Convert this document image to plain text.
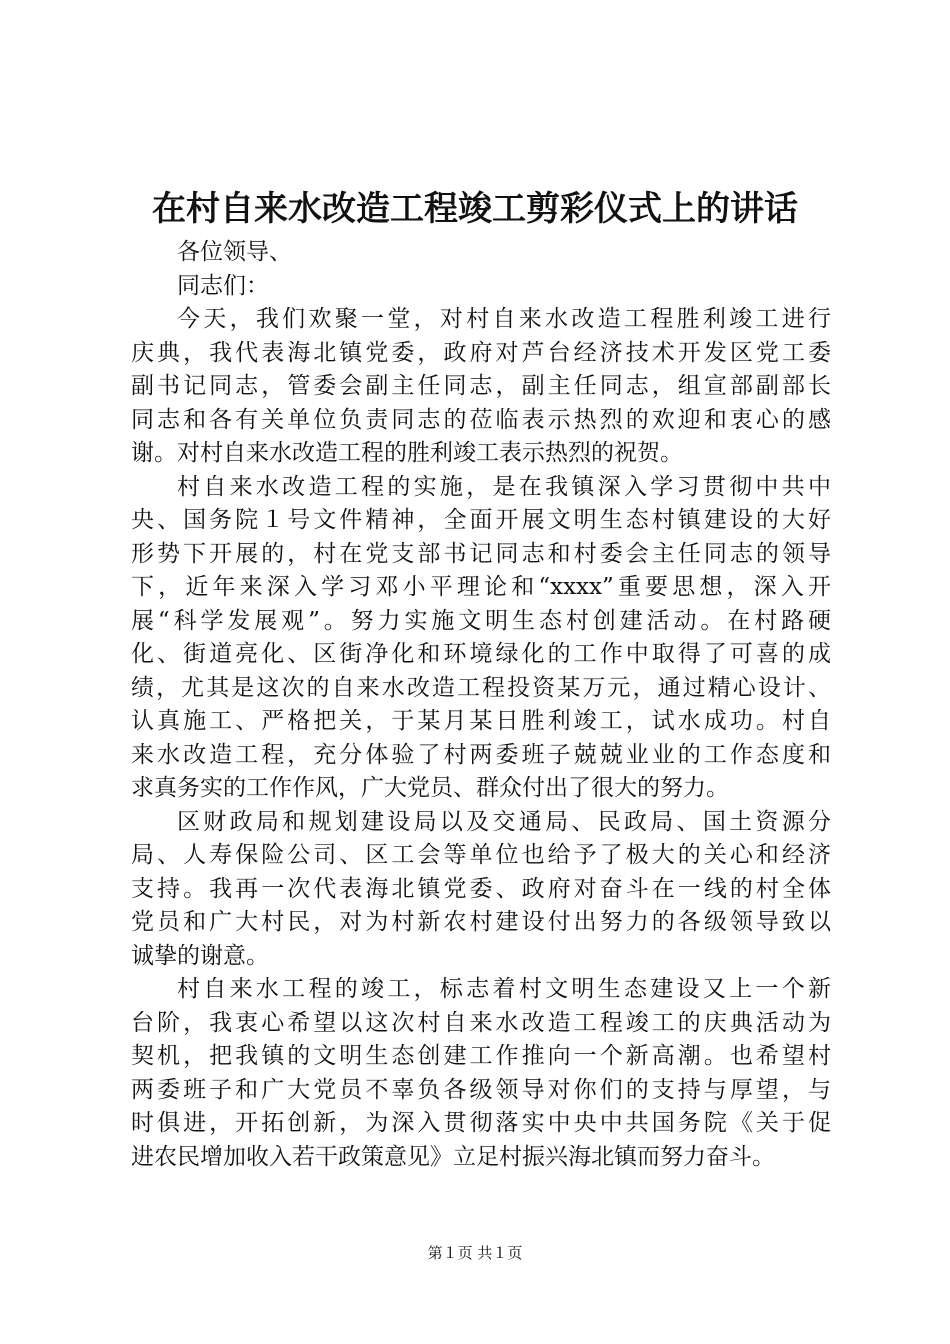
在村自来水改造工程竣工剪彩仪式上的讲话
各位领导、
同志们：
今天，我们欢聚一堂，对村自来水改造工程胜利竣工进行
庆典，我代表海北镇党委，政府对芦台经济技术开发区党工委
副书记同志，管委会副主任同志，副主任同志，组宣部副部长
同志和各有关单位负责同志的莅临表示热烈的欢迎和衷心的感
谢。对村自来水改造工程的胜利竣工表示热烈的祝贺。
村自来水改造工程的实施，是在我镇深入学习贯彻中共中
央、国务院１号文件精神，全面开展文明生态村镇建设的大好
形势下开展的，村在党支部书记同志和村委会主任同志的领导
下，近年来深入学习邓小平理论和“xxxx”重要思想，深入开
展“科学发展观”。努力实施文明生态村创建活动。在村路硬
化、街道亮化、区街净化和环境绿化的工作中取得了可喜的成
绩，尤其是这次的自来水改造工程投资某万元，通过精心设计、
认真施工、严格把关，于某月某日胜利竣工，试水成功。村自
来水改造工程，充分体验了村两委班子兢兢业业的工作态度和
求真务实的工作作风，广大党员、群众付出了很大的努力。
区财政局和规划建设局以及交通局、民政局、国土资源分
局、人寿保险公司、区工会等单位也给予了极大的关心和经济
支持。我再一次代表海北镇党委、政府对奋斗在一线的村全体
党员和广大村民，对为村新农村建设付出努力的各级领导致以
诚挚的谢意。
村自来水工程的竣工，标志着村文明生态建设又上一个新
台阶，我衷心希望以这次村自来水改造工程竣工的庆典活动为
契机，把我镇的文明生态创建工作推向一个新高潮。也希望村
两委班子和广大党员不辜负各级领导对你们的支持与厚望，与
时俱进，开拓创新，为深入贯彻落实中央中共国务院《关于促
进农民增加收入若干政策意见》立足村振兴海北镇而努力奋斗。
第１页 共１页
